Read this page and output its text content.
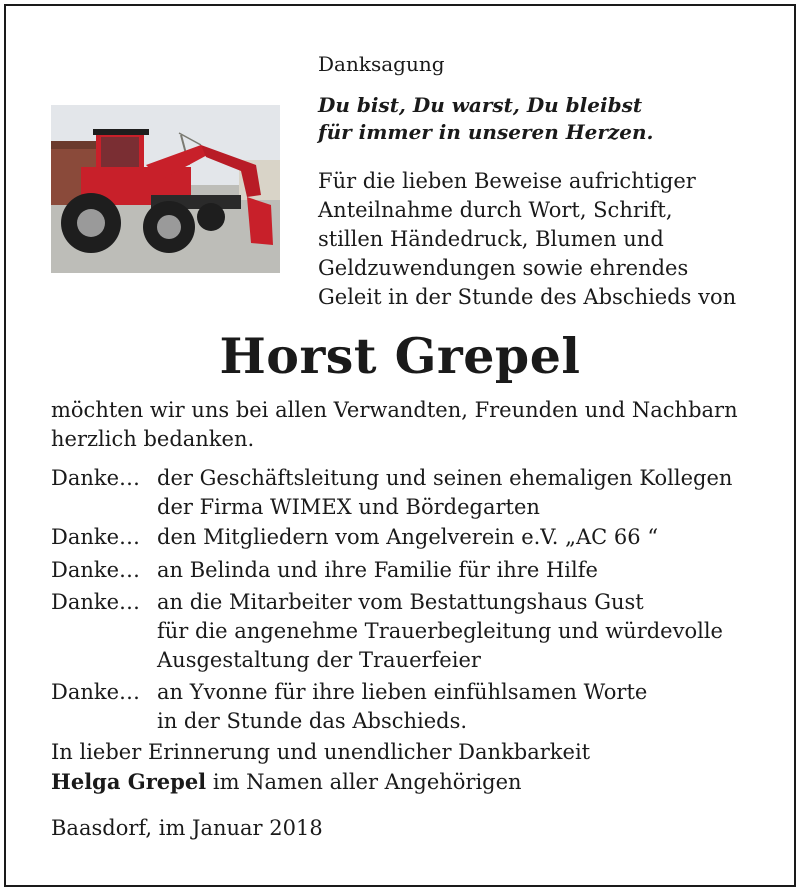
Danksagung
Du bist, Du warst, Du bleibst
für immer in unseren Herzen.
Für die lieben Beweise aufrichtiger
Anteilnahme durch Wort, Schrift,
stillen Händedruck, Blumen und
Geldzuwendungen sowie ehrendes
Geleit in der Stunde des Abschieds von
Horst Grepel
möchten wir uns bei allen Verwandten, Freunden und Nachbarn
herzlich bedanken.
Danke… der Geschäftsleitung und seinen ehemaligen Kollegen
der Firma WIMEX und Bördegarten
Danke… den Mitgliedern vom Angelverein e.V. „AC 66 “
Danke… an Belinda und ihre Familie für ihre Hilfe
Danke… an die Mitarbeiter vom Bestattungshaus Gust
für die angenehme Trauerbegleitung und würdevolle
Ausgestaltung der Trauerfeier
Danke… an Yvonne für ihre lieben einfühlsamen Worte
in der Stunde das Abschieds.
In lieber Erinnerung und unendlicher Dankbarkeit
Helga Grepel im Namen aller Angehörigen
Baasdorf, im Januar 2018
